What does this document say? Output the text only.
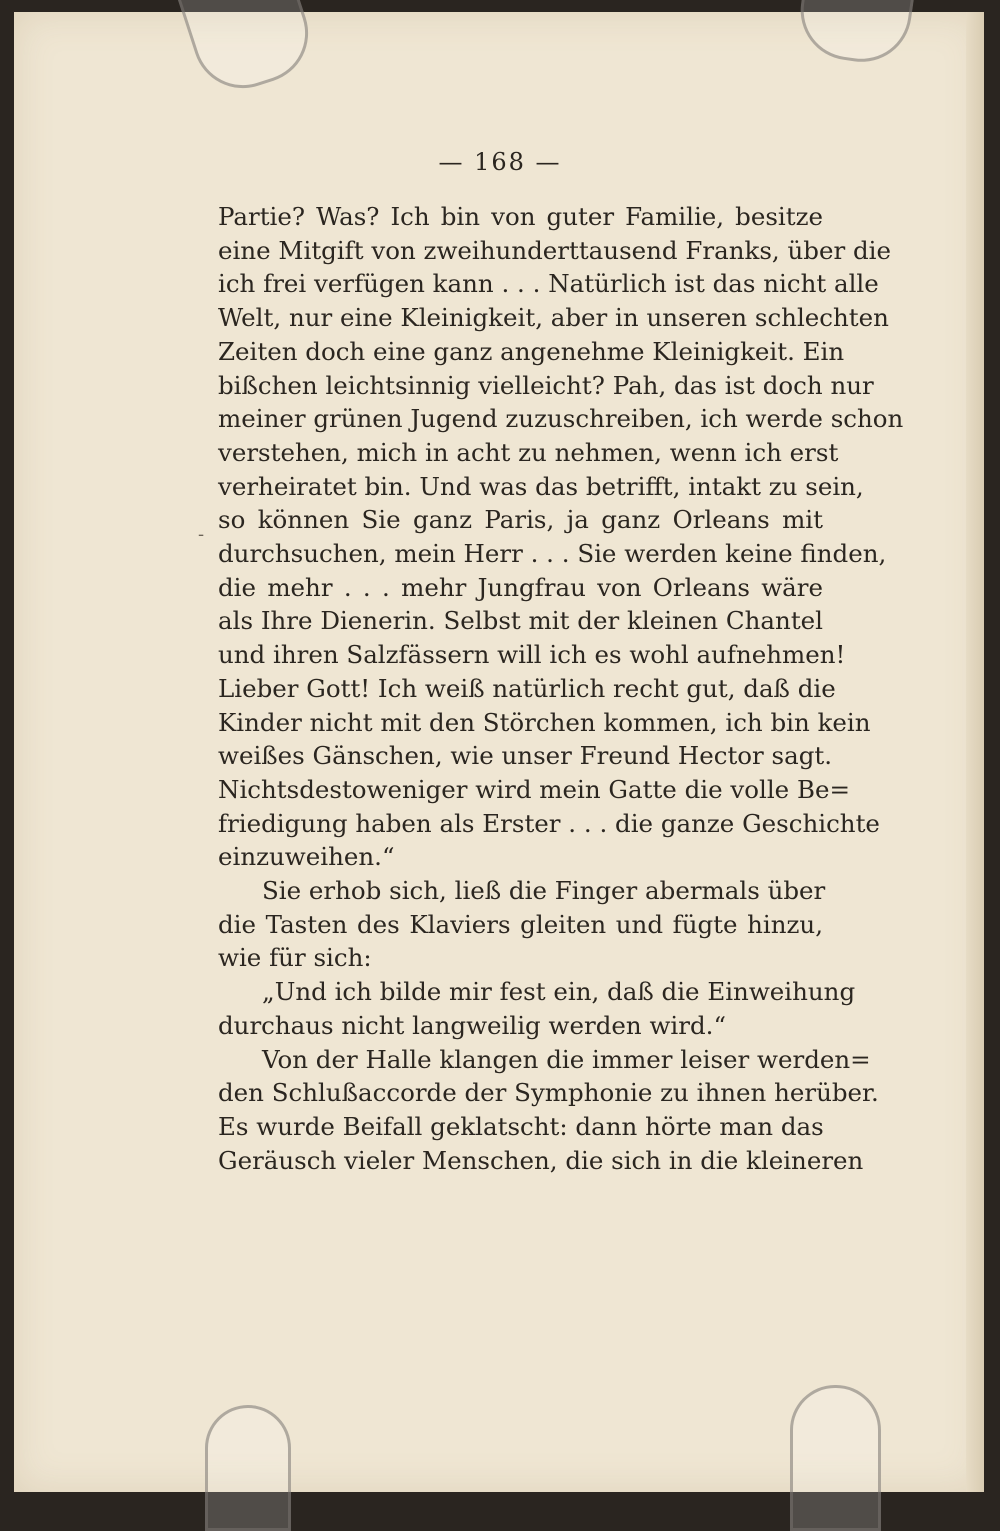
— 168 —
-
Partie? Was? Ich bin von guter Familie, besitze
eine Mitgift von zweihunderttausend Franks, über die
ich frei verfügen kann . . . Natürlich ist das nicht alle
Welt, nur eine Kleinigkeit, aber in unseren schlechten
Zeiten doch eine ganz angenehme Kleinigkeit. Ein
bißchen leichtsinnig vielleicht? Pah, das ist doch nur
meiner grünen Jugend zuzuschreiben, ich werde schon
verstehen, mich in acht zu nehmen, wenn ich erst
verheiratet bin. Und was das betrifft, intakt zu sein,
so können Sie ganz Paris, ja ganz Orleans mit
durchsuchen, mein Herr . . . Sie werden keine finden,
die mehr . . . mehr Jungfrau von Orleans wäre
als Ihre Dienerin. Selbst mit der kleinen Chantel
und ihren Salzfässern will ich es wohl aufnehmen!
Lieber Gott! Ich weiß natürlich recht gut, daß die
Kinder nicht mit den Störchen kommen, ich bin kein
weißes Gänschen, wie unser Freund Hector sagt.
Nichtsdestoweniger wird mein Gatte die volle Be=
friedigung haben als Erster . . . die ganze Geschichte
einzuweihen.“
Sie erhob sich, ließ die Finger abermals über
die Tasten des Klaviers gleiten und fügte hinzu,
wie für sich:
„Und ich bilde mir fest ein, daß die Einweihung
durchaus nicht langweilig werden wird.“
Von der Halle klangen die immer leiser werden=
den Schlußaccorde der Symphonie zu ihnen herüber.
Es wurde Beifall geklatscht: dann hörte man das
Geräusch vieler Menschen, die sich in die kleineren
